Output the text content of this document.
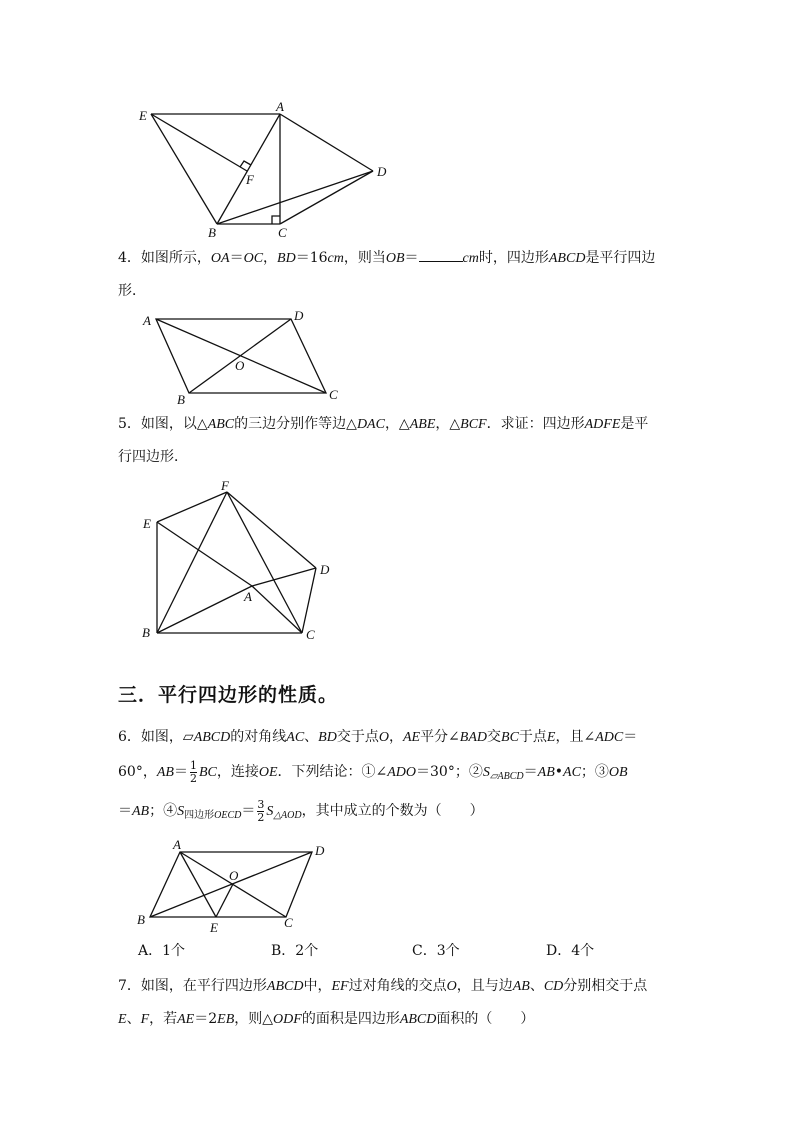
E
A
D
F
B	C
4．如图所示，OA＝OC，BD＝16cm，则当OB＝	cm时，四边形ABCD是平行四边
形．
A	D
O
B	C
5．如图，以△ABC的三边分别作等边△DAC，△ABE，△BCF．求证：四边形ADFE是平
行四边形．
F
E
D
A
B	C
三．平行四边形的性质。
6．如图，▱ABCD的对角线AC、BD交于点O，AE平分∠BAD交BC于点E，且∠ADC＝
60°，$AB= \frac{1}{2}$ BC，连接OE．下列结论：①∠ADO＝30°；$②S_{▱ABCD}=AB•AC$；③OB
＝AB；$④S_{四边形OECD}= \frac{3}{2} S_{\triangle AOD}$，其中成立的个数为（　　）
A	D
O
B
E	C
A．1个	B．2个	C．3个	D．4个
7．如图，在平行四边形ABCD中，EF过对角线的交点O，且与边AB、CD分别相交于点
E、F，若AE＝2EB，则△ODF的面积是四边形ABCD面积的（　　）
